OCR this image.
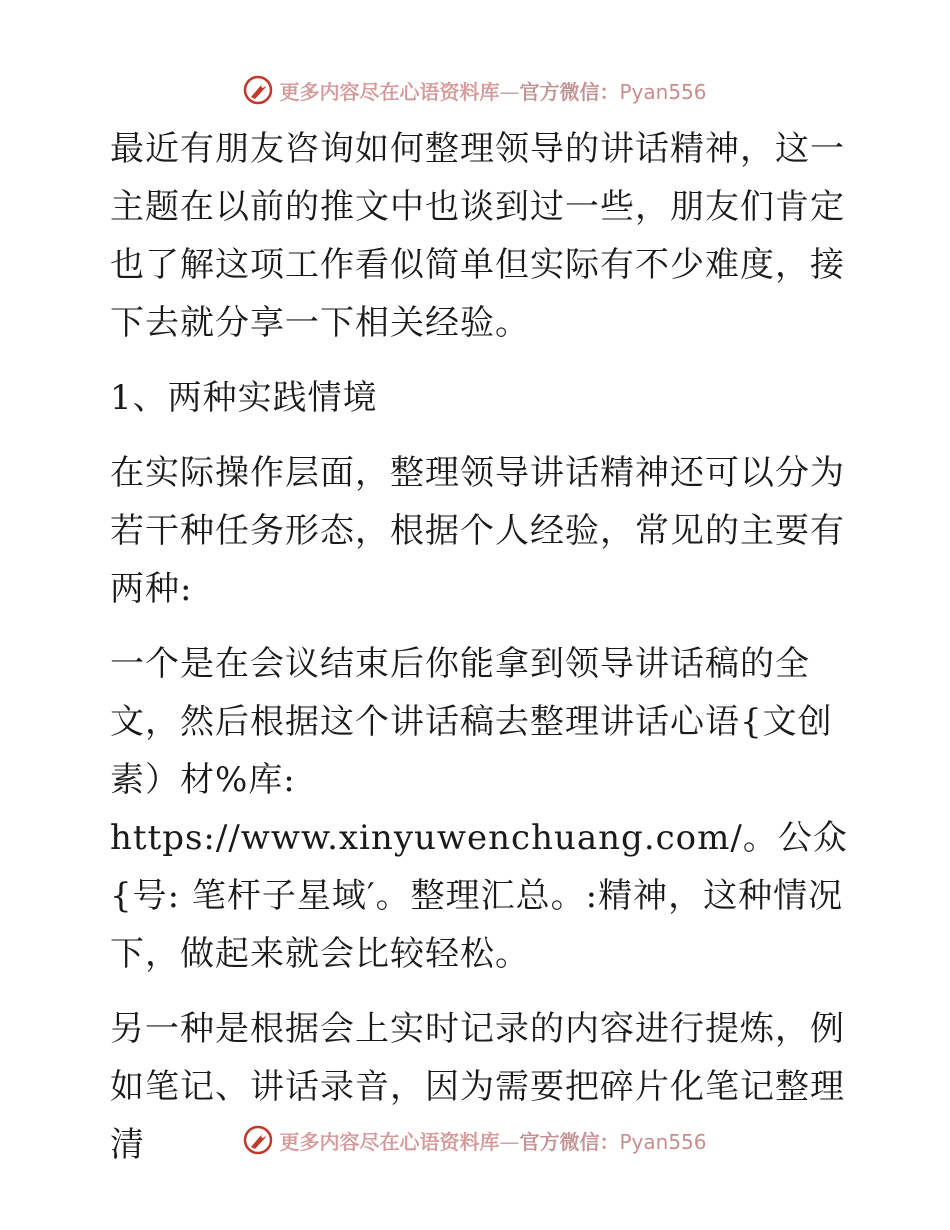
更多内容尽在心语资料库—官方微信：Pyan556

最近有朋友咨询如何整理领导的讲话精神，这一主题在以前的推文中也谈到过一些，朋友们肯定也了解这项工作看似简单但实际有不少难度，接下去就分享一下相关经验。

1、两种实践情境

在实际操作层面，整理领导讲话精神还可以分为若干种任务形态，根据个人经验，常见的主要有两种:

一个是在会议结束后你能拿到领导讲话稿的全文，然后根据这个讲话稿去整理讲话心语{文创素）材%库: https://www.xinyuwenchuang.com/。公众{号: 笔杆子星域′。整理汇总。:精神，这种情况下，做起来就会比较轻松。

另一种是根据会上实时记录的内容进行提炼，例如笔记、讲话录音，因为需要把碎片化笔记整理清	更多内容尽在心语资料库—官方微信：Pyan556
